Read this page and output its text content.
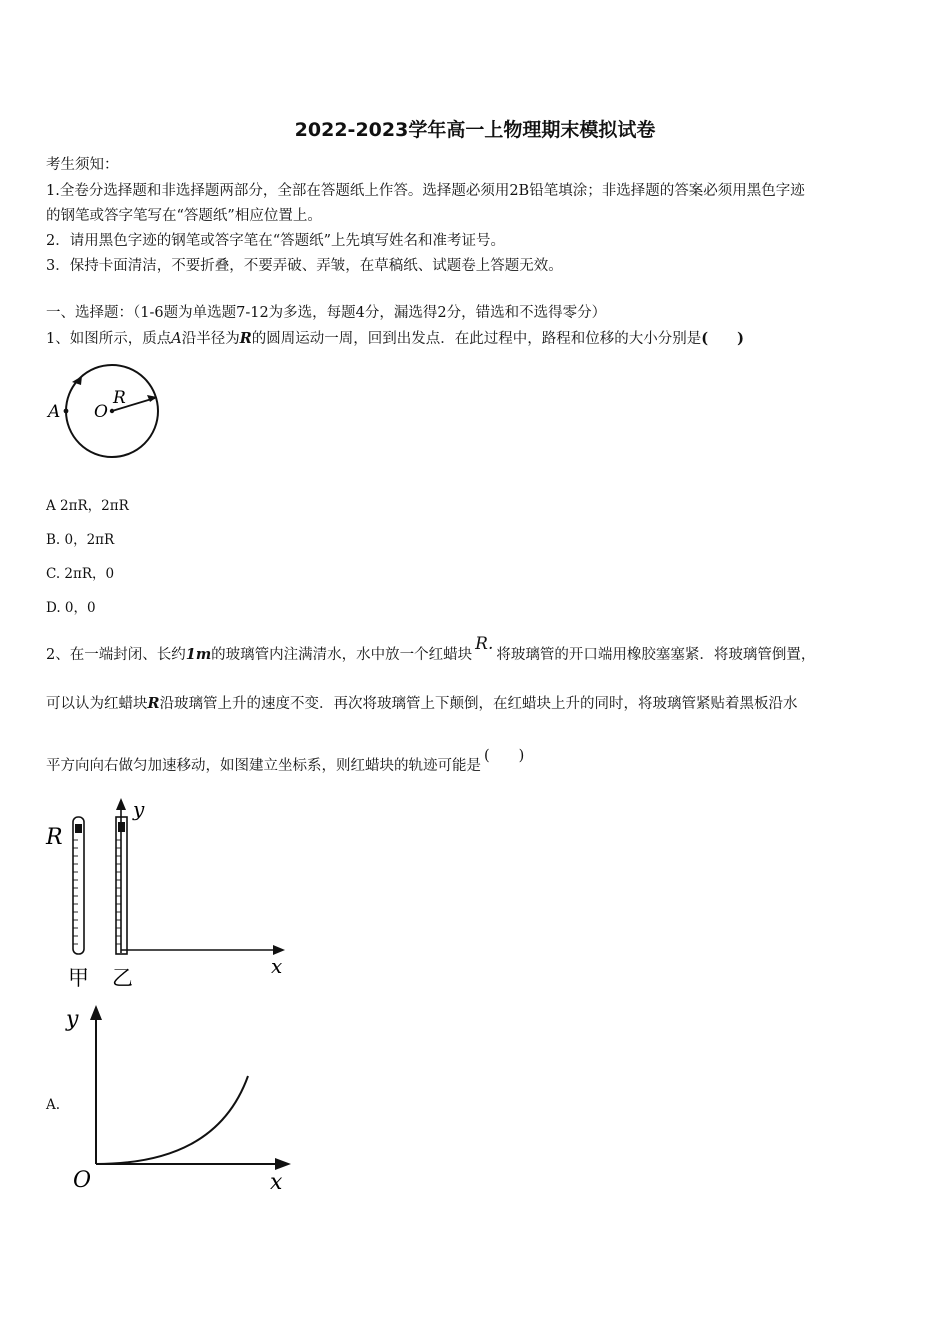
2022-2023学年高一上物理期末模拟试卷
考生须知：
1.全卷分选择题和非选择题两部分，全部在答题纸上作答。选择题必须用2B铅笔填涂；非选择题的答案必须用黑色字迹
的钢笔或答字笔写在“答题纸”相应位置上。
2．请用黑色字迹的钢笔或答字笔在“答题纸”上先填写姓名和准考证号。
3．保持卡面清洁，不要折叠，不要弄破、弄皱，在草稿纸、试题卷上答题无效。
一、选择题：（1-6题为单选题7-12为多选，每题4分，漏选得2分，错选和不选得零分）
1、如图所示，质点A沿半径为R的圆周运动一周，回到出发点．在此过程中，路程和位移的大小分别是(　　)
A O
R
A 2πR，2πR
B. 0，2πR
C. 2πR，0
D. 0，0
2、在一端封闭、长约1m的玻璃管内注满清水，水中放一个红蜡块R.将玻璃管的开口端用橡胶塞塞紧．将玻璃管倒置，
可以认为红蜡块R沿玻璃管上升的速度不变．再次将玻璃管上下颠倒，在红蜡块上升的同时，将玻璃管紧贴着黑板沿水
平方向向右做匀加速移动，如图建立坐标系，则红蜡块的轨迹可能是(　　)
R
y
x
甲 乙
A.
y
x
O
